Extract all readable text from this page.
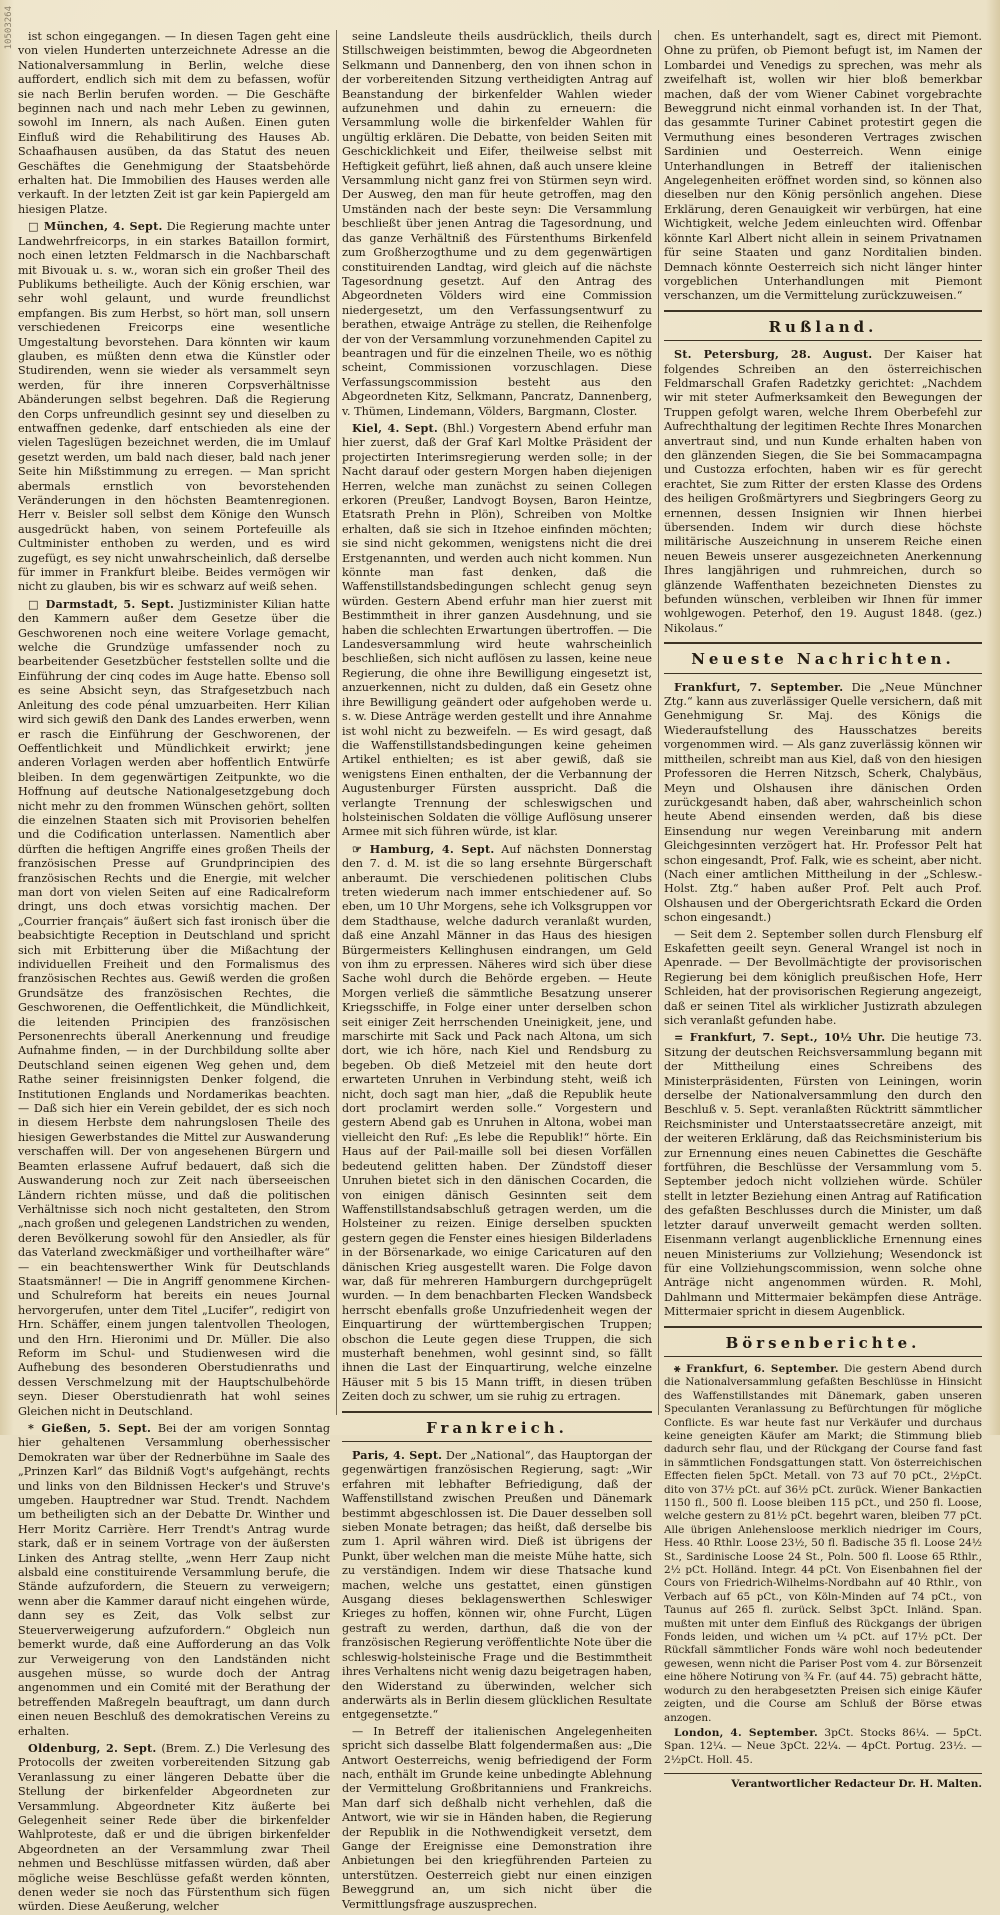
10503264	ist schon eingegangen. — In diesen Tagen geht eine von vielen Hunderten unterzeichnete Adresse an die Nationalversammlung in Berlin, welche diese auffordert, endlich sich mit dem zu befassen, wofür sie nach Berlin berufen worden. — Die Geschäfte beginnen nach und nach mehr Leben zu gewinnen, sowohl im Innern, als nach Außen. Einen guten Einfluß wird die Rehabilitirung des Hauses Ab. Schaafhausen ausüben, da das Statut des neuen Geschäftes die Genehmigung der Staatsbehörde erhalten hat. Die Immobilien des Hauses werden alle verkauft. In der letzten Zeit ist gar kein Papiergeld am hiesigen Platze.

□ München, 4. Sept. Die Regierung machte unter Landwehrfreicorps, in ein starkes Bataillon formirt, noch einen letzten Feldmarsch in die Nachbarschaft mit Bivouak u. s. w., woran sich ein großer Theil des Publikums betheiligte. Auch der König erschien, war sehr wohl gelaunt, und wurde freundlichst empfangen. Bis zum Herbst, so hört man, soll unsern verschiedenen Freicorps eine wesentliche Umgestaltung bevorstehen. Dara könnten wir kaum glauben, es müßten denn etwa die Künstler oder Studirenden, wenn sie wieder als versammelt seyn werden, für ihre inneren Corpsverhältnisse Abänderungen selbst begehren. Daß die Regierung den Corps unfreundlich gesinnt sey und dieselben zu entwaffnen gedenke, darf entschieden als eine der vielen Tageslügen bezeichnet werden, die im Umlauf gesetzt werden, um bald nach dieser, bald nach jener Seite hin Mißstimmung zu erregen. — Man spricht abermals ernstlich von bevorstehenden Veränderungen in den höchsten Beamtenregionen. Herr v. Beisler soll selbst dem Könige den Wunsch ausgedrückt haben, von seinem Portefeuille als Cultminister enthoben zu werden, und es wird zugefügt, es sey nicht unwahrscheinlich, daß derselbe für immer in Frankfurt bleibe. Beides vermögen wir nicht zu glauben, bis wir es schwarz auf weiß sehen.

□ Darmstadt, 5. Sept. Justizminister Kilian hatte den Kammern außer dem Gesetze über die Geschworenen noch eine weitere Vorlage gemacht, welche die Grundzüge umfassender noch zu bearbeitender Gesetzbücher feststellen sollte und die Einführung der cinq codes im Auge hatte. Ebenso soll es seine Absicht seyn, das Strafgesetzbuch nach Anleitung des code pénal umzuarbeiten. Herr Kilian wird sich gewiß den Dank des Landes erwerben, wenn er rasch die Einführung der Geschworenen, der Oeffentlichkeit und Mündlichkeit erwirkt; jene anderen Vorlagen werden aber hoffentlich Entwürfe bleiben. In dem gegenwärtigen Zeitpunkte, wo die Hoffnung auf deutsche Nationalgesetzgebung doch nicht mehr zu den frommen Wünschen gehört, sollten die einzelnen Staaten sich mit Provisorien behelfen und die Codification unterlassen. Namentlich aber dürften die heftigen Angriffe eines großen Theils der französischen Presse auf Grundprincipien des französischen Rechts und die Energie, mit welcher man dort von vielen Seiten auf eine Radicalreform dringt, uns doch etwas vorsichtig machen. Der „Courrier français“ äußert sich fast ironisch über die beabsichtigte Reception in Deutschland und spricht sich mit Erbitterung über die Mißachtung der individuellen Freiheit und den Formalismus des französischen Rechtes aus. Gewiß werden die großen Grundsätze des französischen Rechtes, die Geschworenen, die Oeffentlichkeit, die Mündlichkeit, die leitenden Principien des französischen Personenrechts überall Anerkennung und freudige Aufnahme finden, — in der Durchbildung sollte aber Deutschland seinen eigenen Weg gehen und, dem Rathe seiner freisinnigsten Denker folgend, die Institutionen Englands und Nordamerikas beachten. — Daß sich hier ein Verein gebildet, der es sich noch in diesem Herbste dem nahrungslosen Theile des hiesigen Gewerbstandes die Mittel zur Auswanderung verschaffen will. Der von angesehenen Bürgern und Beamten erlassene Aufruf bedauert, daß sich die Auswanderung noch zur Zeit nach überseeischen Ländern richten müsse, und daß die politischen Verhältnisse sich noch nicht gestalteten, den Strom „nach großen und gelegenen Landstrichen zu wenden, deren Bevölkerung sowohl für den Ansiedler, als für das Vaterland zweckmäßiger und vortheilhafter wäre“ — ein beachtenswerther Wink für Deutschlands Staatsmänner! — Die in Angriff genommene Kirchen- und Schulreform hat bereits ein neues Journal hervorgerufen, unter dem Titel „Lucifer“, redigirt von Hrn. Schäffer, einem jungen talentvollen Theologen, und den Hrn. Hieronimi und Dr. Müller. Die also Reform im Schul- und Studienwesen wird die Aufhebung des besonderen Oberstudienraths und dessen Verschmelzung mit der Hauptschulbehörde seyn. Dieser Oberstudienrath hat wohl seines Gleichen nicht in Deutschland.

* Gießen, 5. Sept. Bei der am vorigen Sonntag hier gehaltenen Versammlung oberhessischer Demokraten war über der Rednerbühne im Saale des „Prinzen Karl“ das Bildniß Vogt's aufgehängt, rechts und links von den Bildnissen Hecker's und Struve's umgeben. Hauptredner war Stud. Trendt. Nachdem um betheiligten sich an der Debatte Dr. Winther und Herr Moritz Carrière. Herr Trendt's Antrag wurde stark, daß er in seinem Vortrage von der äußersten Linken des Antrag stellte, „wenn Herr Zaup nicht alsbald eine constituirende Versammlung berufe, die Stände aufzufordern, die Steuern zu verweigern; wenn aber die Kammer darauf nicht eingehen würde, dann sey es Zeit, das Volk selbst zur Steuerverweigerung aufzufordern.“ Obgleich nun bemerkt wurde, daß eine Aufforderung an das Volk zur Verweigerung von den Landständen nicht ausgehen müsse, so wurde doch der Antrag angenommen und ein Comité mit der Berathung der betreffenden Maßregeln beauftragt, um dann durch einen neuen Beschluß des demokratischen Vereins zu erhalten.

Oldenburg, 2. Sept. (Brem. Z.) Die Verlesung des Protocolls der zweiten vorbereitenden Sitzung gab Veranlassung zu einer längeren Debatte über die Stellung der birkenfelder Abgeordneten zur Versammlung. Abgeordneter Kitz äußerte bei Gelegenheit seiner Rede über die birkenfelder Wahlproteste, daß er und die übrigen birkenfelder Abgeordneten an der Versammlung zwar Theil nehmen und Beschlüsse mitfassen würden, daß aber mögliche weise Beschlüsse gefaßt werden könnten, denen weder sie noch das Fürstenthum sich fügen würden. Diese Aeußerung, welcher

seine Landsleute theils ausdrücklich, theils durch Stillschweigen beistimmten, bewog die Abgeordneten Selkmann und Dannenberg, den von ihnen schon in der vorbereitenden Sitzung vertheidigten Antrag auf Beanstandung der birkenfelder Wahlen wieder aufzunehmen und dahin zu erneuern: die Versammlung wolle die birkenfelder Wahlen für ungültig erklären. Die Debatte, von beiden Seiten mit Geschicklichkeit und Eifer, theilweise selbst mit Heftigkeit geführt, ließ ahnen, daß auch unsere kleine Versammlung nicht ganz frei von Stürmen seyn wird. Der Ausweg, den man für heute getroffen, mag den Umständen nach der beste seyn: Die Versammlung beschließt über jenen Antrag die Tagesordnung, und das ganze Verhältniß des Fürstenthums Birkenfeld zum Großherzogthume und zu dem gegenwärtigen constituirenden Landtag, wird gleich auf die nächste Tagesordnung gesetzt. Auf den Antrag des Abgeordneten Völders wird eine Commission niedergesetzt, um den Verfassungsentwurf zu berathen, etwaige Anträge zu stellen, die Reihenfolge der von der Versammlung vorzunehmenden Capitel zu beantragen und für die einzelnen Theile, wo es nöthig scheint, Commissionen vorzuschlagen. Diese Verfassungscommission besteht aus den Abgeordneten Kitz, Selkmann, Pancratz, Dannenberg, v. Thümen, Lindemann, Völders, Bargmann, Closter.

Kiel, 4. Sept. (Bhl.) Vorgestern Abend erfuhr man hier zuerst, daß der Graf Karl Moltke Präsident der projectirten Interimsregierung werden solle; in der Nacht darauf oder gestern Morgen haben diejenigen Herren, welche man zunächst zu seinen Collegen erkoren (Preußer, Landvogt Boysen, Baron Heintze, Etatsrath Prehn in Plön), Schreiben von Moltke erhalten, daß sie sich in Itzehoe einfinden möchten; sie sind nicht gekommen, wenigstens nicht die drei Erstgenannten, und werden auch nicht kommen. Nun könnte man fast denken, daß die Waffenstillstandsbedingungen schlecht genug seyn würden. Gestern Abend erfuhr man hier zuerst mit Bestimmtheit in ihrer ganzen Ausdehnung, und sie haben die schlechten Erwartungen übertroffen. — Die Landesversammlung wird heute wahrscheinlich beschließen, sich nicht auflösen zu lassen, keine neue Regierung, die ohne ihre Bewilligung eingesetzt ist, anzuerkennen, nicht zu dulden, daß ein Gesetz ohne ihre Bewilligung geändert oder aufgehoben werde u. s. w. Diese Anträge werden gestellt und ihre Annahme ist wohl nicht zu bezweifeln. — Es wird gesagt, daß die Waffenstillstandsbedingungen keine geheimen Artikel enthielten; es ist aber gewiß, daß sie wenigstens Einen enthalten, der die Verbannung der Augustenburger Fürsten ausspricht. Daß die verlangte Trennung der schleswigschen und holsteinischen Soldaten die völlige Auflösung unserer Armee mit sich führen würde, ist klar.

☞ Hamburg, 4. Sept. Auf nächsten Donnerstag den 7. d. M. ist die so lang ersehnte Bürgerschaft anberaumt. Die verschiedenen politischen Clubs treten wiederum nach immer entschiedener auf. So eben, um 10 Uhr Morgens, sehe ich Volksgruppen vor dem Stadthause, welche dadurch veranlaßt wurden, daß eine Anzahl Männer in das Haus des hiesigen Bürgermeisters Kellinghusen eindrangen, um Geld von ihm zu erpressen. Näheres wird sich über diese Sache wohl durch die Behörde ergeben. — Heute Morgen verließ die sämmtliche Besatzung unserer Kriegsschiffe, in Folge einer unter derselben schon seit einiger Zeit herrschenden Uneinigkeit, jene, und marschirte mit Sack und Pack nach Altona, um sich dort, wie ich höre, nach Kiel und Rendsburg zu begeben. Ob dieß Metzeiel mit den heute dort erwarteten Unruhen in Verbindung steht, weiß ich nicht, doch sagt man hier, „daß die Republik heute dort proclamirt werden solle.“ Vorgestern und gestern Abend gab es Unruhen in Altona, wobei man vielleicht den Ruf: „Es lebe die Republik!“ hörte. Ein Haus auf der Pail-maille soll bei diesen Vorfällen bedeutend gelitten haben. Der Zündstoff dieser Unruhen bietet sich in den dänischen Cocarden, die von einigen dänisch Gesinnten seit dem Waffenstillstandsabschluß getragen werden, um die Holsteiner zu reizen. Einige derselben spuckten gestern gegen die Fenster eines hiesigen Bilderladens in der Börsenarkade, wo einige Caricaturen auf den dänischen Krieg ausgestellt waren. Die Folge davon war, daß für mehreren Hamburgern durchgeprügelt wurden. — In dem benachbarten Flecken Wandsbeck herrscht ebenfalls große Unzufriedenheit wegen der Einquartirung der württembergischen Truppen; obschon die Leute gegen diese Truppen, die sich musterhaft benehmen, wohl gesinnt sind, so fällt ihnen die Last der Einquartirung, welche einzelne Häuser mit 5 bis 15 Mann trifft, in diesen trüben Zeiten doch zu schwer, um sie ruhig zu ertragen.

Frankreich.

Paris, 4. Sept. Der „National“, das Hauptorgan der gegenwärtigen französischen Regierung, sagt: „Wir erfahren mit lebhafter Befriedigung, daß der Waffenstillstand zwischen Preußen und Dänemark bestimmt abgeschlossen ist. Die Dauer desselben soll sieben Monate betragen; das heißt, daß derselbe bis zum 1. April währen wird. Dieß ist übrigens der Punkt, über welchen man die meiste Mühe hatte, sich zu verständigen. Indem wir diese Thatsache kund machen, welche uns gestattet, einen günstigen Ausgang dieses beklagenswerthen Schleswiger Krieges zu hoffen, können wir, ohne Furcht, Lügen gestraft zu werden, darthun, daß die von der französischen Regierung veröffentlichte Note über die schleswig-holsteinische Frage und die Bestimmtheit ihres Verhaltens nicht wenig dazu beigetragen haben, den Widerstand zu überwinden, welcher sich anderwärts als in Berlin diesem glücklichen Resultate entgegensetzte.“

— In Betreff der italienischen Angelegenheiten spricht sich dasselbe Blatt folgendermaßen aus: „Die Antwort Oesterreichs, wenig befriedigend der Form nach, enthält im Grunde keine unbedingte Ablehnung der Vermittelung Großbritanniens und Frankreichs. Man darf sich deßhalb nicht verhehlen, daß die Antwort, wie wir sie in Händen haben, die Regierung der Republik in die Nothwendigkeit versetzt, dem Gange der Ereignisse eine Demonstration ihre Anbietungen bei den kriegführenden Parteien zu unterstützen. Oesterreich giebt nur einen einzigen Beweggrund an, um sich nicht über die Vermittlungsfrage auszusprechen.

chen. Es unterhandelt, sagt es, direct mit Piemont. Ohne zu prüfen, ob Piemont befugt ist, im Namen der Lombardei und Venedigs zu sprechen, was mehr als zweifelhaft ist, wollen wir hier bloß bemerkbar machen, daß der vom Wiener Cabinet vorgebrachte Beweggrund nicht einmal vorhanden ist. In der That, das gesammte Turiner Cabinet protestirt gegen die Vermuthung eines besonderen Vertrages zwischen Sardinien und Oesterreich. Wenn einige Unterhandlungen in Betreff der italienischen Angelegenheiten eröffnet worden sind, so können also dieselben nur den König persönlich angehen. Diese Erklärung, deren Genauigkeit wir verbürgen, hat eine Wichtigkeit, welche Jedem einleuchten wird. Offenbar könnte Karl Albert nicht allein in seinem Privatnamen für seine Staaten und ganz Norditalien binden. Demnach könnte Oesterreich sich nicht länger hinter vorgeblichen Unterhandlungen mit Piemont verschanzen, um die Vermittelung zurückzuweisen.“

Rußland.

St. Petersburg, 28. August. Der Kaiser hat folgendes Schreiben an den österreichischen Feldmarschall Grafen Radetzky gerichtet: „Nachdem wir mit steter Aufmerksamkeit den Bewegungen der Truppen gefolgt waren, welche Ihrem Oberbefehl zur Aufrechthaltung der legitimen Rechte Ihres Monarchen anvertraut sind, und nun Kunde erhalten haben von den glänzenden Siegen, die Sie bei Sommacampagna und Custozza erfochten, haben wir es für gerecht erachtet, Sie zum Ritter der ersten Klasse des Ordens des heiligen Großmärtyrers und Siegbringers Georg zu ernennen, dessen Insignien wir Ihnen hierbei übersenden. Indem wir durch diese höchste militärische Auszeichnung in unserem Reiche einen neuen Beweis unserer ausgezeichneten Anerkennung Ihres langjährigen und ruhmreichen, durch so glänzende Waffenthaten bezeichneten Dienstes zu befunden wünschen, verbleiben wir Ihnen für immer wohlgewogen. Peterhof, den 19. August 1848. (gez.) Nikolaus.“

Neueste Nachrichten.

Frankfurt, 7. September. Die „Neue Münchner Ztg.“ kann aus zuverlässiger Quelle versichern, daß mit Genehmigung Sr. Maj. des Königs die Wiederaufstellung des Hausschatzes bereits vorgenommen wird. — Als ganz zuverlässig können wir mittheilen, schreibt man aus Kiel, daß von den hiesigen Professoren die Herren Nitzsch, Scherk, Chalybäus, Meyn und Olshausen ihre dänischen Orden zurückgesandt haben, daß aber, wahrscheinlich schon heute Abend einsenden werden, daß bis diese Einsendung nur wegen Vereinbarung mit andern Gleichgesinnten verzögert hat. Hr. Professor Pelt hat schon eingesandt, Prof. Falk, wie es scheint, aber nicht. (Nach einer amtlichen Mittheilung in der „Schlesw.-Holst. Ztg.“ haben außer Prof. Pelt auch Prof. Olshausen und der Obergerichtsrath Eckard die Orden schon eingesandt.)

— Seit dem 2. September sollen durch Flensburg elf Eskafetten geeilt seyn. General Wrangel ist noch in Apenrade. — Der Bevollmächtigte der provisorischen Regierung bei dem königlich preußischen Hofe, Herr Schleiden, hat der provisorischen Regierung angezeigt, daß er seinen Titel als wirklicher Justizrath abzulegen sich veranlaßt gefunden habe.

= Frankfurt, 7. Sept., 10½ Uhr. Die heutige 73. Sitzung der deutschen Reichsversammlung begann mit der Mittheilung eines Schreibens des Ministerpräsidenten, Fürsten von Leiningen, worin derselbe der Nationalversammlung den durch den Beschluß v. 5. Sept. veranlaßten Rücktritt sämmtlicher Reichsminister und Unterstaatssecretäre anzeigt, mit der weiteren Erklärung, daß das Reichsministerium bis zur Ernennung eines neuen Cabinettes die Geschäfte fortführen, die Beschlüsse der Versammlung vom 5. September jedoch nicht vollziehen würde. Schüler stellt in letzter Beziehung einen Antrag auf Ratification des gefaßten Beschlusses durch die Minister, um daß letzter darauf unverweilt gemacht werden sollten. Eisenmann verlangt augenblickliche Ernennung eines neuen Ministeriums zur Vollziehung; Wesendonck ist für eine Vollziehungscommission, wenn solche ohne Anträge nicht angenommen würden. R. Mohl, Dahlmann und Mittermaier bekämpfen diese Anträge. Mittermaier spricht in diesem Augenblick.

Börsenberichte.

⚹ Frankfurt, 6. September. Die gestern Abend durch die Nationalversammlung gefaßten Beschlüsse in Hinsicht des Waffenstillstandes mit Dänemark, gaben unseren Speculanten Veranlassung zu Befürchtungen für mögliche Conflicte. Es war heute fast nur Verkäufer und durchaus keine geneigten Käufer am Markt; die Stimmung blieb dadurch sehr flau, und der Rückgang der Course fand fast in sämmtlichen Fondsgattungen statt. Von österreichischen Effecten fielen 5pCt. Metall. von 73 auf 70 pCt., 2½pCt. dito von 37½ pCt. auf 36½ pCt. zurück. Wiener Bankactien 1150 fl., 500 fl. Loose bleiben 115 pCt., und 250 fl. Loose, welche gestern zu 81½ pCt. begehrt waren, bleiben 77 pCt. Alle übrigen Anlehensloose merklich niedriger im Cours, Hess. 40 Rthlr. Loose 23½, 50 fl. Badische 35 fl. Loose 24½ St., Sardinische Loose 24 St., Poln. 500 fl. Loose 65 Rthlr., 2½ pCt. Holländ. Integr. 44 pCt. Von Eisenbahnen fiel der Cours von Friedrich-Wilhelms-Nordbahn auf 40 Rthlr., von Verbach auf 65 pCt., von Köln-Minden auf 74 pCt., von Taunus auf 265 fl. zurück. Selbst 3pCt. Inländ. Span. mußten mit unter dem Einfluß des Rückgangs der übrigen Fonds leiden, und wichen um ¼ pCt. auf 17½ pCt. Der Rückfall sämmtlicher Fonds wäre wohl noch bedeutender gewesen, wenn nicht die Pariser Post vom 4. zur Börsenzeit eine höhere Notirung von ¾ Fr. (auf 44. 75) gebracht hätte, wodurch zu den herabgesetzten Preisen sich einige Käufer zeigten, und die Course am Schluß der Börse etwas anzogen.

London, 4. September. 3pCt. Stocks 86¼. — 5pCt. Span. 12¼. — Neue 3pCt. 22¼. — 4pCt. Portug. 23½. — 2½pCt. Holl. 45.

Verantwortlicher Redacteur Dr. H. Malten.
